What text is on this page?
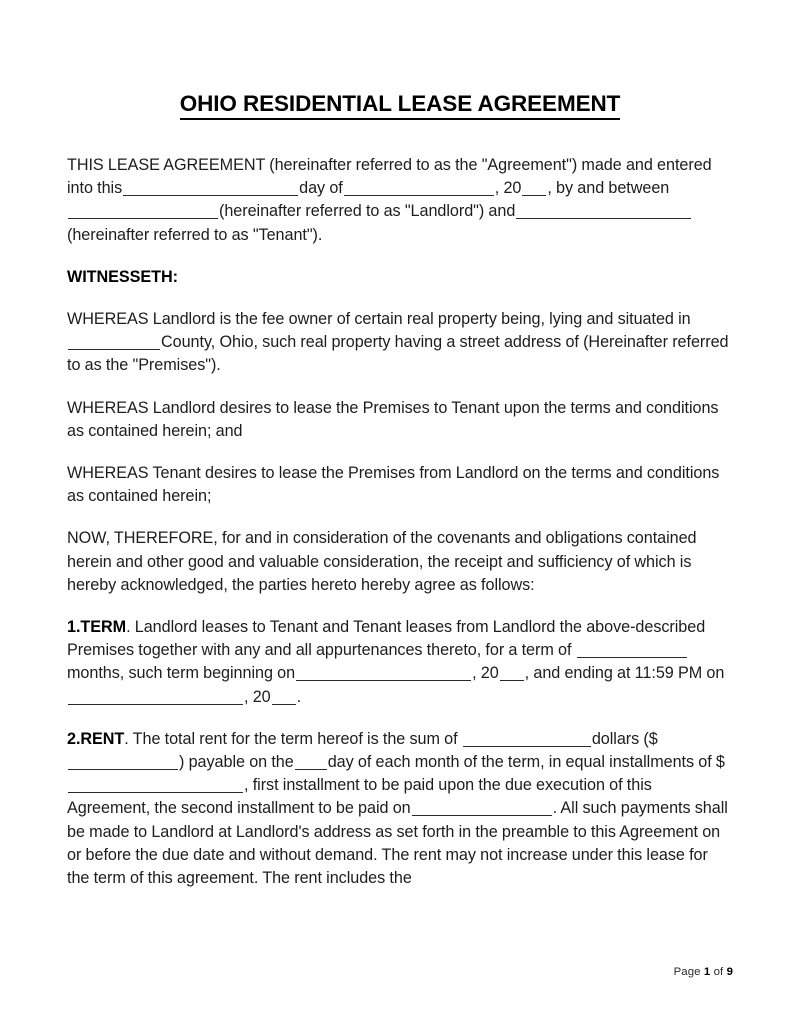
OHIO RESIDENTIAL LEASE AGREEMENT

THIS LEASE AGREEMENT (hereinafter referred to as the "Agreement") made and entered into this	day of	, 20 , by and between (hereinafter referred to as "Landlord") and (hereinafter referred to as "Tenant").

WITNESSETH:

WHEREAS Landlord is the fee owner of certain real property being, lying and situated in County, Ohio, such real property having a street address of (Hereinafter referred to as the "Premises").

WHEREAS Landlord desires to lease the Premises to Tenant upon the terms and conditions as contained herein; and

WHEREAS Tenant desires to lease the Premises from Landlord on the terms and conditions as contained herein;

NOW, THEREFORE, for and in consideration of the covenants and obligations contained herein and other good and valuable consideration, the receipt and sufficiency of which is hereby acknowledged, the parties hereto hereby agree as follows:

1.TERM. Landlord leases to Tenant and Tenant leases from Landlord the above-described Premises together with any and all appurtenances thereto, for a term of months, such term beginning on	, 20 , and ending at 11:59 PM on, 20 .

2.RENT. The total rent for the term hereof is the sum of	dollars ($) payable on the day of each month of the term, in equal installments of $, first installment to be paid upon the due execution of this Agreement, the second installment to be paid on	. All such payments shall be made to Landlord at Landlord's address as set forth in the preamble to this Agreement on or before the due date and without demand. The rent may not increase under this lease for the term of this agreement. The rent includes the

Page 1 of 9
